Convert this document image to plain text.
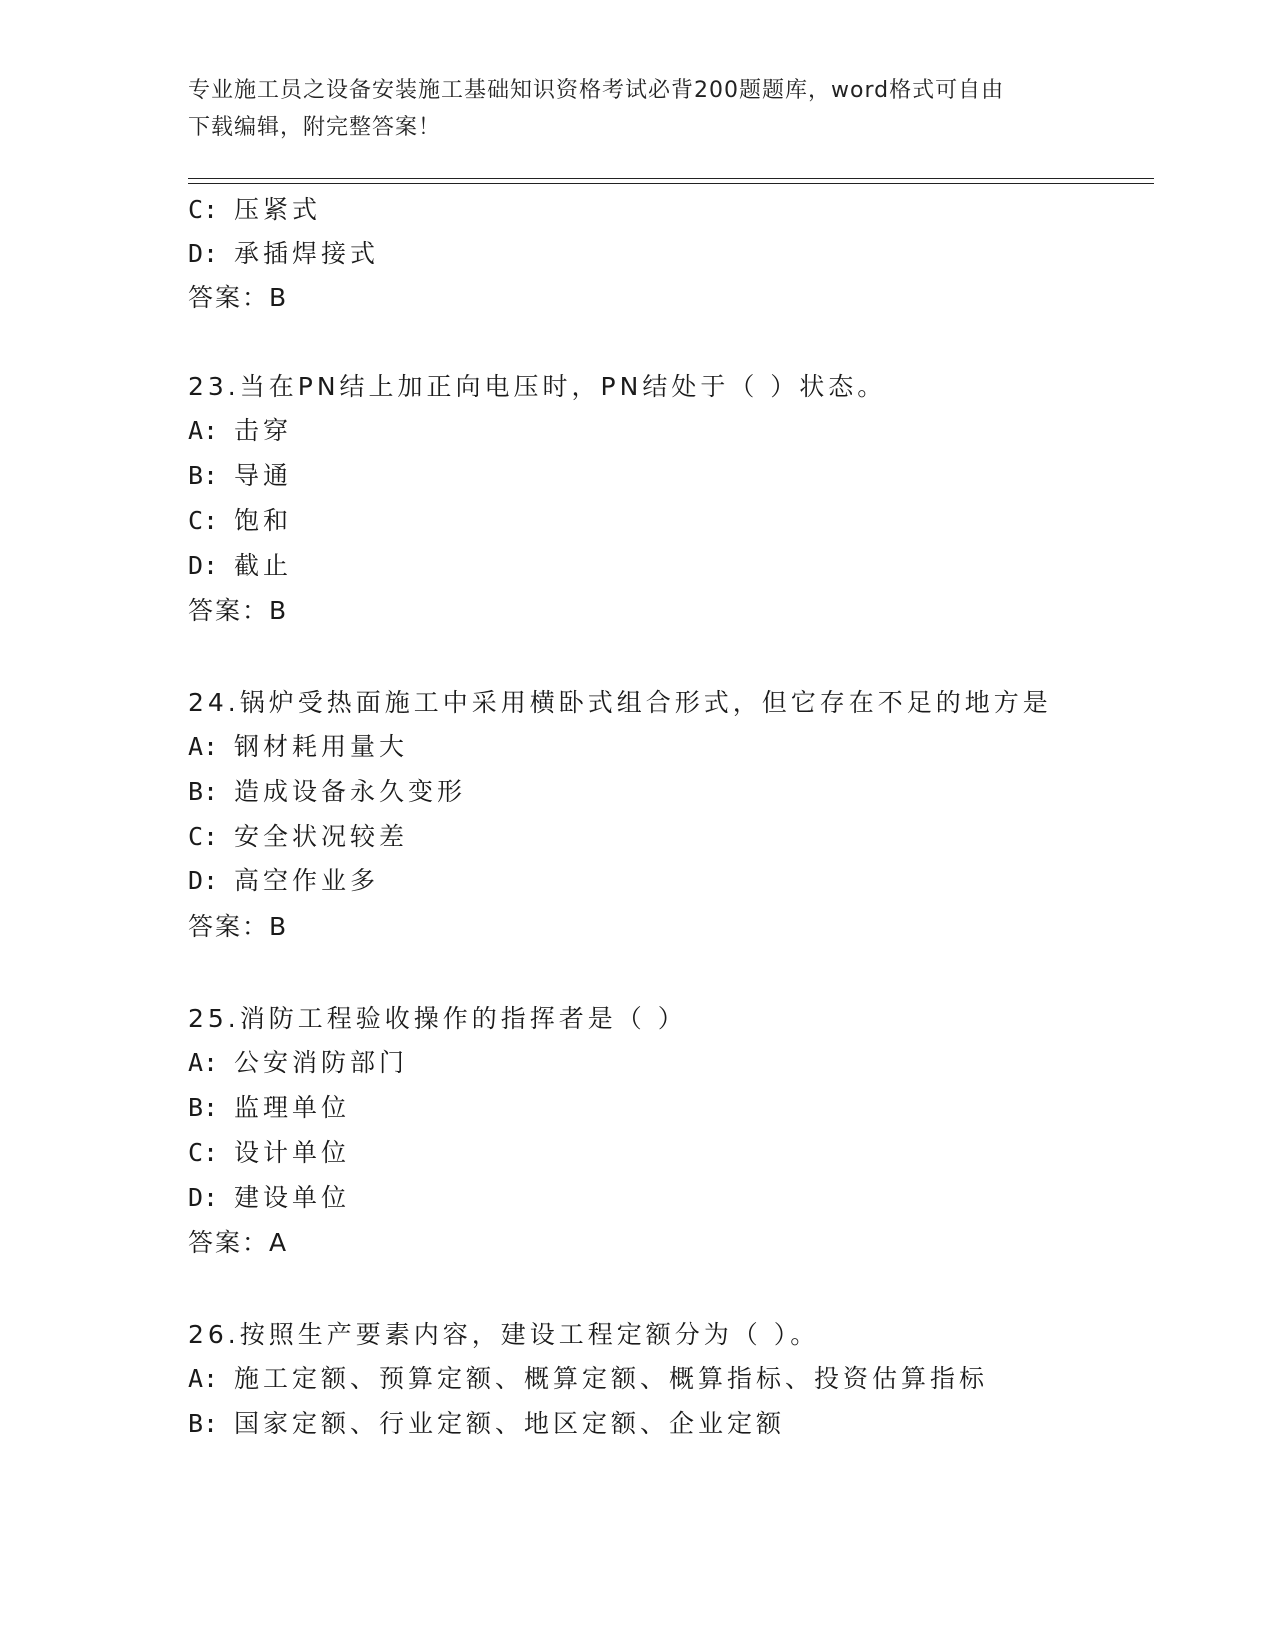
专业施工员之设备安装施工基础知识资格考试必背200题题库，word格式可自由
下载编辑，附完整答案！
C: 压紧式
D: 承插焊接式
答案：B
23.当在PN结上加正向电压时，PN结处于（ ）状态。
A: 击穿
B: 导通
C: 饱和
D: 截止
答案：B
24.锅炉受热面施工中采用横卧式组合形式，但它存在不足的地方是
A: 钢材耗用量大
B: 造成设备永久变形
C: 安全状况较差
D: 高空作业多
答案：B
25.消防工程验收操作的指挥者是（ ）
A: 公安消防部门
B: 监理单位
C: 设计单位
D: 建设单位
答案：A
26.按照生产要素内容，建设工程定额分为（ ）。
A: 施工定额、预算定额、概算定额、概算指标、投资估算指标
B: 国家定额、行业定额、地区定额、企业定额
